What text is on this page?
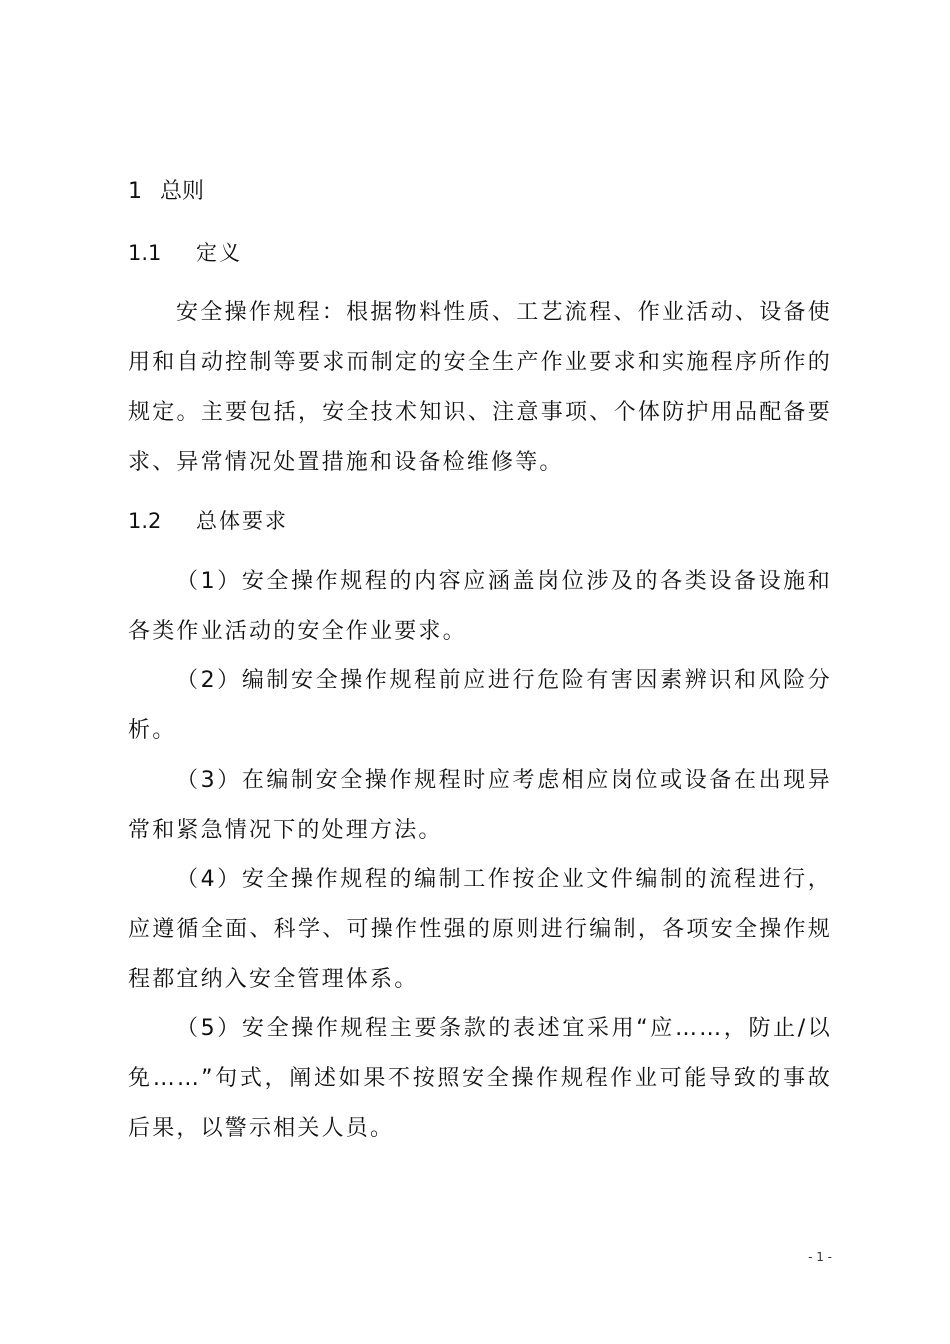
1 总则
1.1 定义

安全操作规程：根据物料性质、工艺流程、作业活动、设备使用和自动控制等要求而制定的安全生产作业要求和实施程序所作的规定。主要包括，安全技术知识、注意事项、个体防护用品配备要求、异常情况处置措施和设备检维修等。

1.2 总体要求

（1）安全操作规程的内容应涵盖岗位涉及的各类设备设施和各类作业活动的安全作业要求。

（2）编制安全操作规程前应进行危险有害因素辨识和风险分析。

（3）在编制安全操作规程时应考虑相应岗位或设备在出现异常和紧急情况下的处理方法。

（4）安全操作规程的编制工作按企业文件编制的流程进行，应遵循全面、科学、可操作性强的原则进行编制，各项安全操作规程都宜纳入安全管理体系。

（5）安全操作规程主要条款的表述宜采用“应……，防止/以免……”句式，阐述如果不按照安全操作规程作业可能导致的事故后果，以警示相关人员。

- 1 -
